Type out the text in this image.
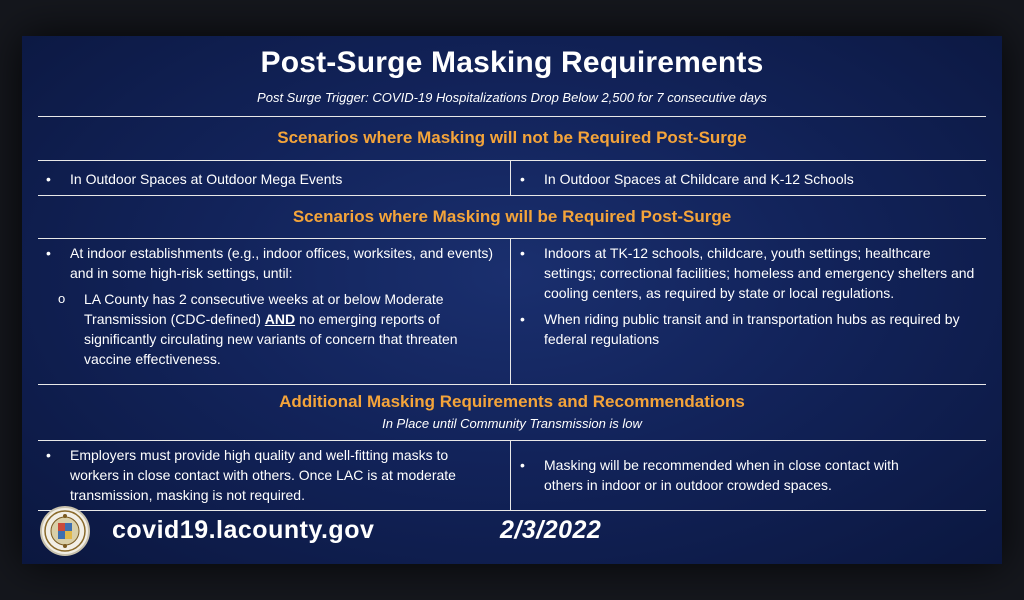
Post-Surge Masking Requirements
Post Surge Trigger: COVID-19 Hospitalizations Drop Below 2,500 for 7 consecutive days
Scenarios where Masking will not be Required Post-Surge
• In Outdoor Spaces at Outdoor Mega Events
•	In Outdoor Spaces at Childcare and K-12 Schools
Scenarios where Masking will be Required Post-Surge
• At indoor establishments (e.g., indoor offices, worksites, and events) and in some high-risk settings, until:
o LA County has 2 consecutive weeks at or below Moderate Transmission (CDC-defined) AND no emerging reports of significantly circulating new variants of concern that threaten vaccine effectiveness.
• Indoors at TK-12 schools, childcare, youth settings; healthcare settings; correctional facilities; homeless and emergency shelters and cooling centers, as required by state or local regulations.
• When riding public transit and in transportation hubs as required by federal regulations
Additional Masking Requirements and Recommendations
In Place until Community Transmission is low
• Employers must provide high quality and well-fitting masks to workers in close contact with others. Once LAC is at moderate transmission, masking is not required.
• Masking will be recommended when in close contact with others in indoor or in outdoor crowded spaces.
covid19.lacounty.gov	2/3/2022
